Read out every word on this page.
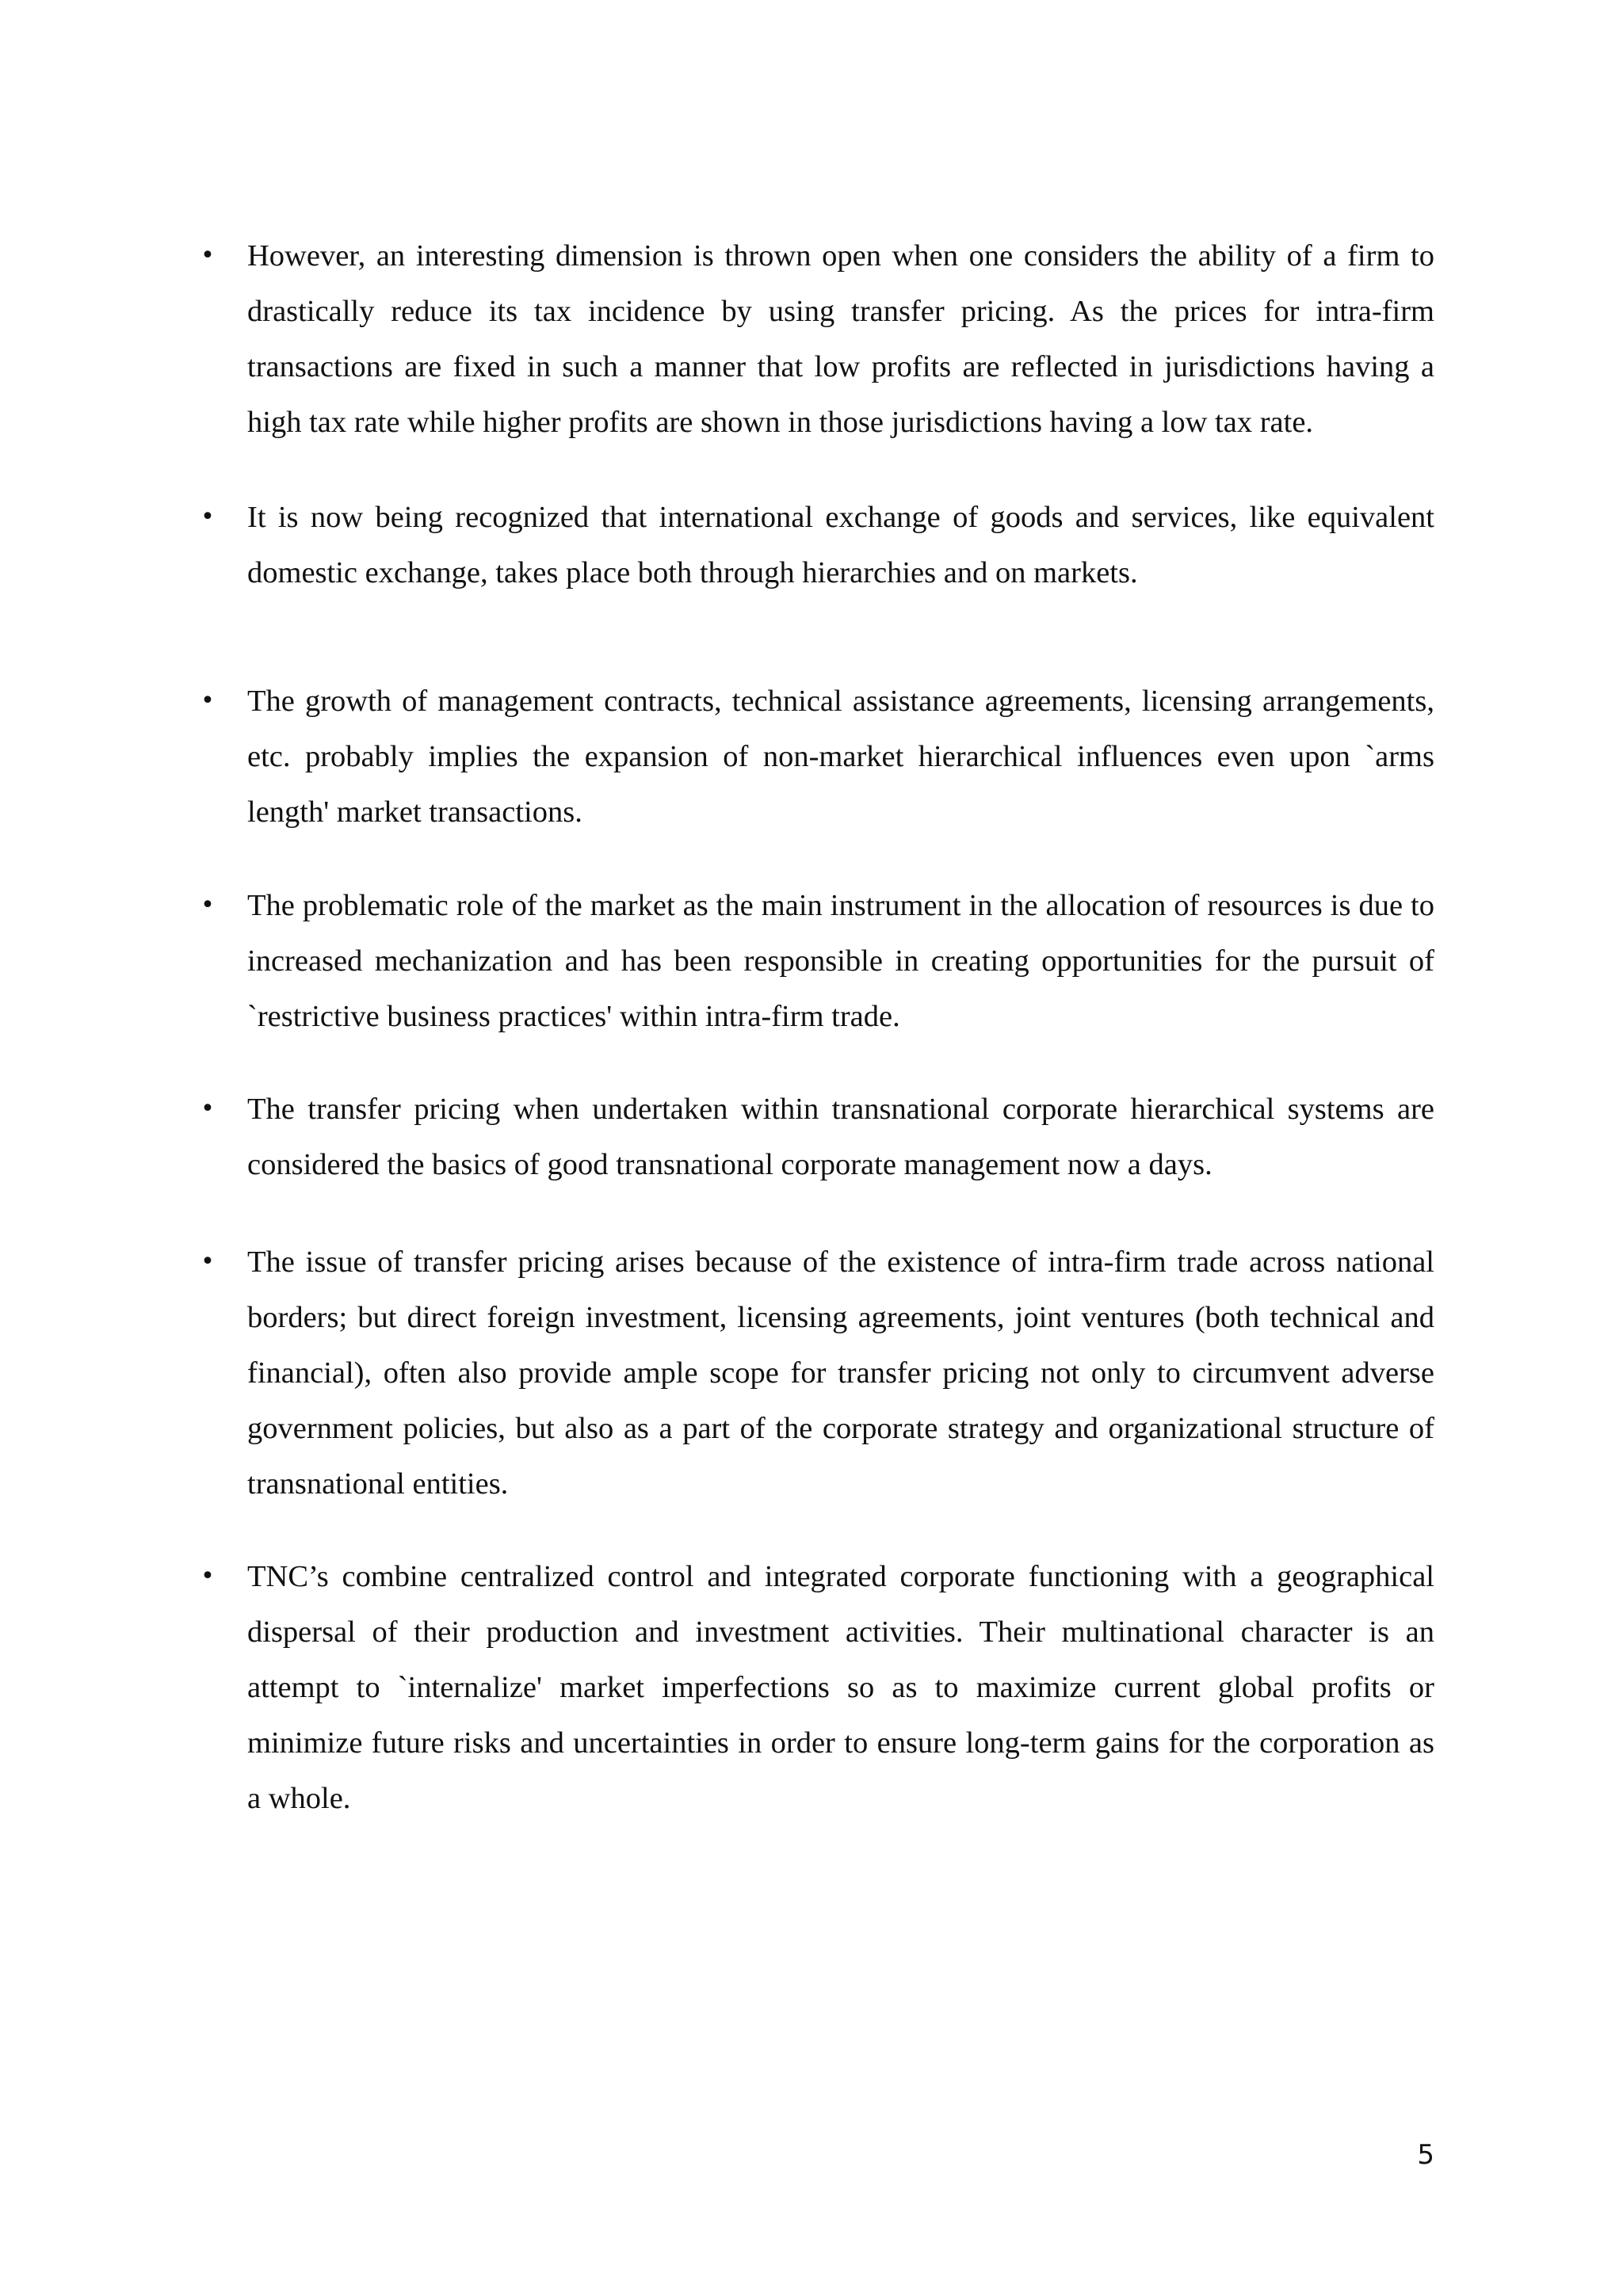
• However, an interesting dimension is thrown open when one considers the ability of a firm to drastically reduce its tax incidence by using transfer pricing. As the prices for intra-firm transactions are fixed in such a manner that low profits are reflected in jurisdictions having a high tax rate while higher profits are shown in those jurisdictions having a low tax rate.
• It is now being recognized that international exchange of goods and services, like equivalent domestic exchange, takes place both through hierarchies and on markets.
• The growth of management contracts, technical assistance agreements, licensing arrangements, etc. probably implies the expansion of non-market hierarchical influences even upon `arms length' market transactions.
• The problematic role of the market as the main instrument in the allocation of resources is due to increased mechanization and has been responsible in creating opportunities for the pursuit of `restrictive business practices' within intra-firm trade.
• The transfer pricing when undertaken within transnational corporate hierarchical systems are considered the basics of good transnational corporate management now a days.
• The issue of transfer pricing arises because of the existence of intra-firm trade across national borders; but direct foreign investment, licensing agreements, joint ventures (both technical and financial), often also provide ample scope for transfer pricing not only to circumvent adverse government policies, but also as a part of the corporate strategy and organizational structure of transnational entities.
• TNC’s combine centralized control and integrated corporate functioning with a geographical dispersal of their production and investment activities. Their multinational character is an attempt to `internalize' market imperfections so as to maximize current global profits or minimize future risks and uncertainties in order to ensure long-term gains for the corporation as a whole.
5
